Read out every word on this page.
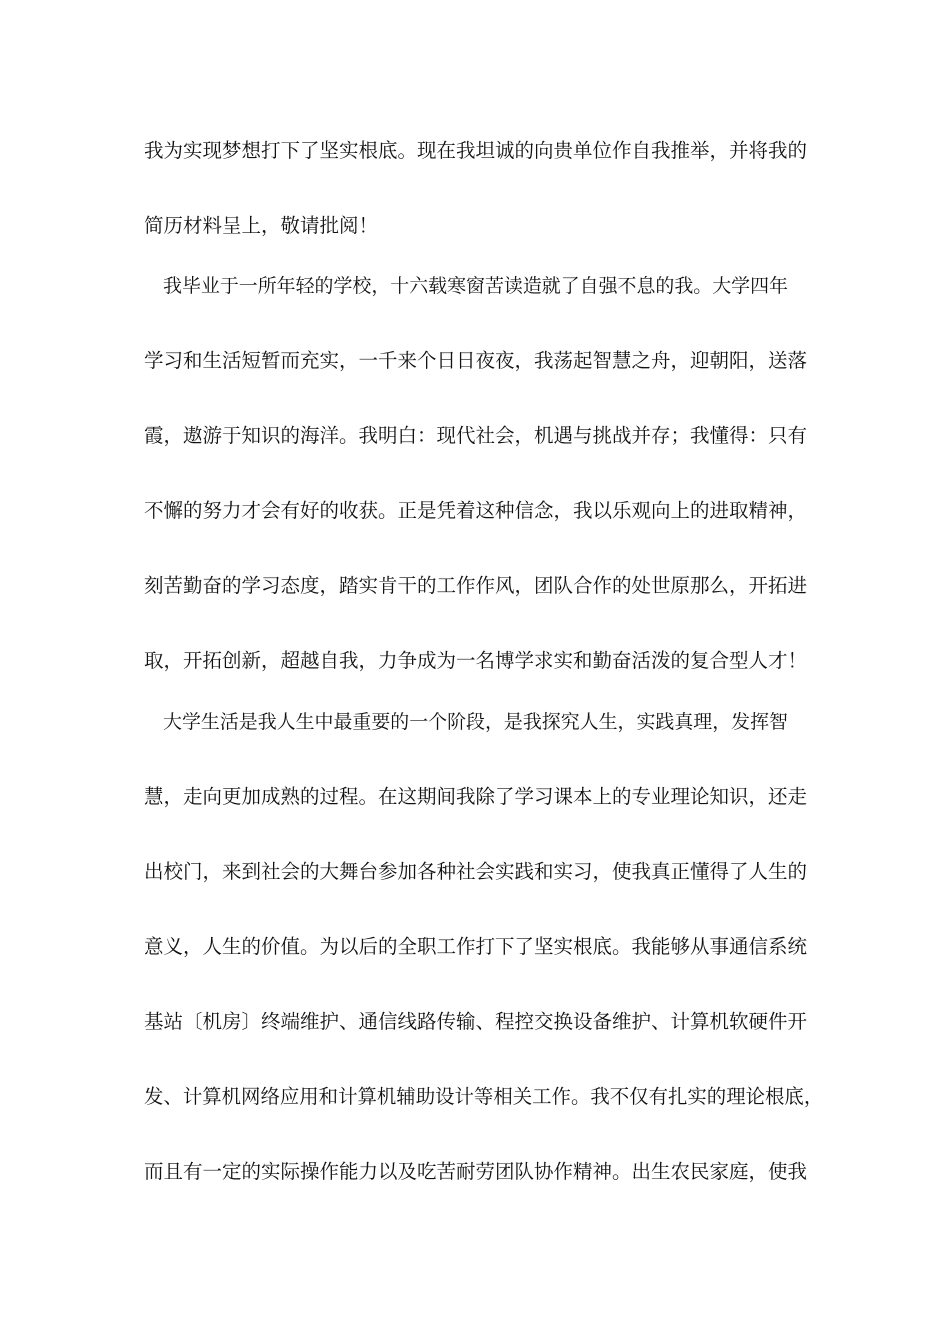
我为实现梦想打下了坚实根底。现在我坦诚的向贵单位作自我推举，并将我的
简历材料呈上，敬请批阅！
我毕业于一所年轻的学校，十六载寒窗苦读造就了自强不息的我。大学四年
学习和生活短暂而充实，一千来个日日夜夜，我荡起智慧之舟，迎朝阳，送落
霞，遨游于知识的海洋。我明白：现代社会，机遇与挑战并存；我懂得：只有
不懈的努力才会有好的收获。正是凭着这种信念，我以乐观向上的进取精神，
刻苦勤奋的学习态度，踏实肯干的工作作风，团队合作的处世原那么，开拓进
取，开拓创新，超越自我，力争成为一名博学求实和勤奋活泼的复合型人才！
大学生活是我人生中最重要的一个阶段，是我探究人生，实践真理，发挥智
慧，走向更加成熟的过程。在这期间我除了学习课本上的专业理论知识，还走
出校门，来到社会的大舞台参加各种社会实践和实习，使我真正懂得了人生的
意义，人生的价值。为以后的全职工作打下了坚实根底。我能够从事通信系统
基站〔机房〕终端维护、通信线路传输、程控交换设备维护、计算机软硬件开
发、计算机网络应用和计算机辅助设计等相关工作。我不仅有扎实的理论根底，
而且有一定的实际操作能力以及吃苦耐劳团队协作精神。出生农民家庭，使我
